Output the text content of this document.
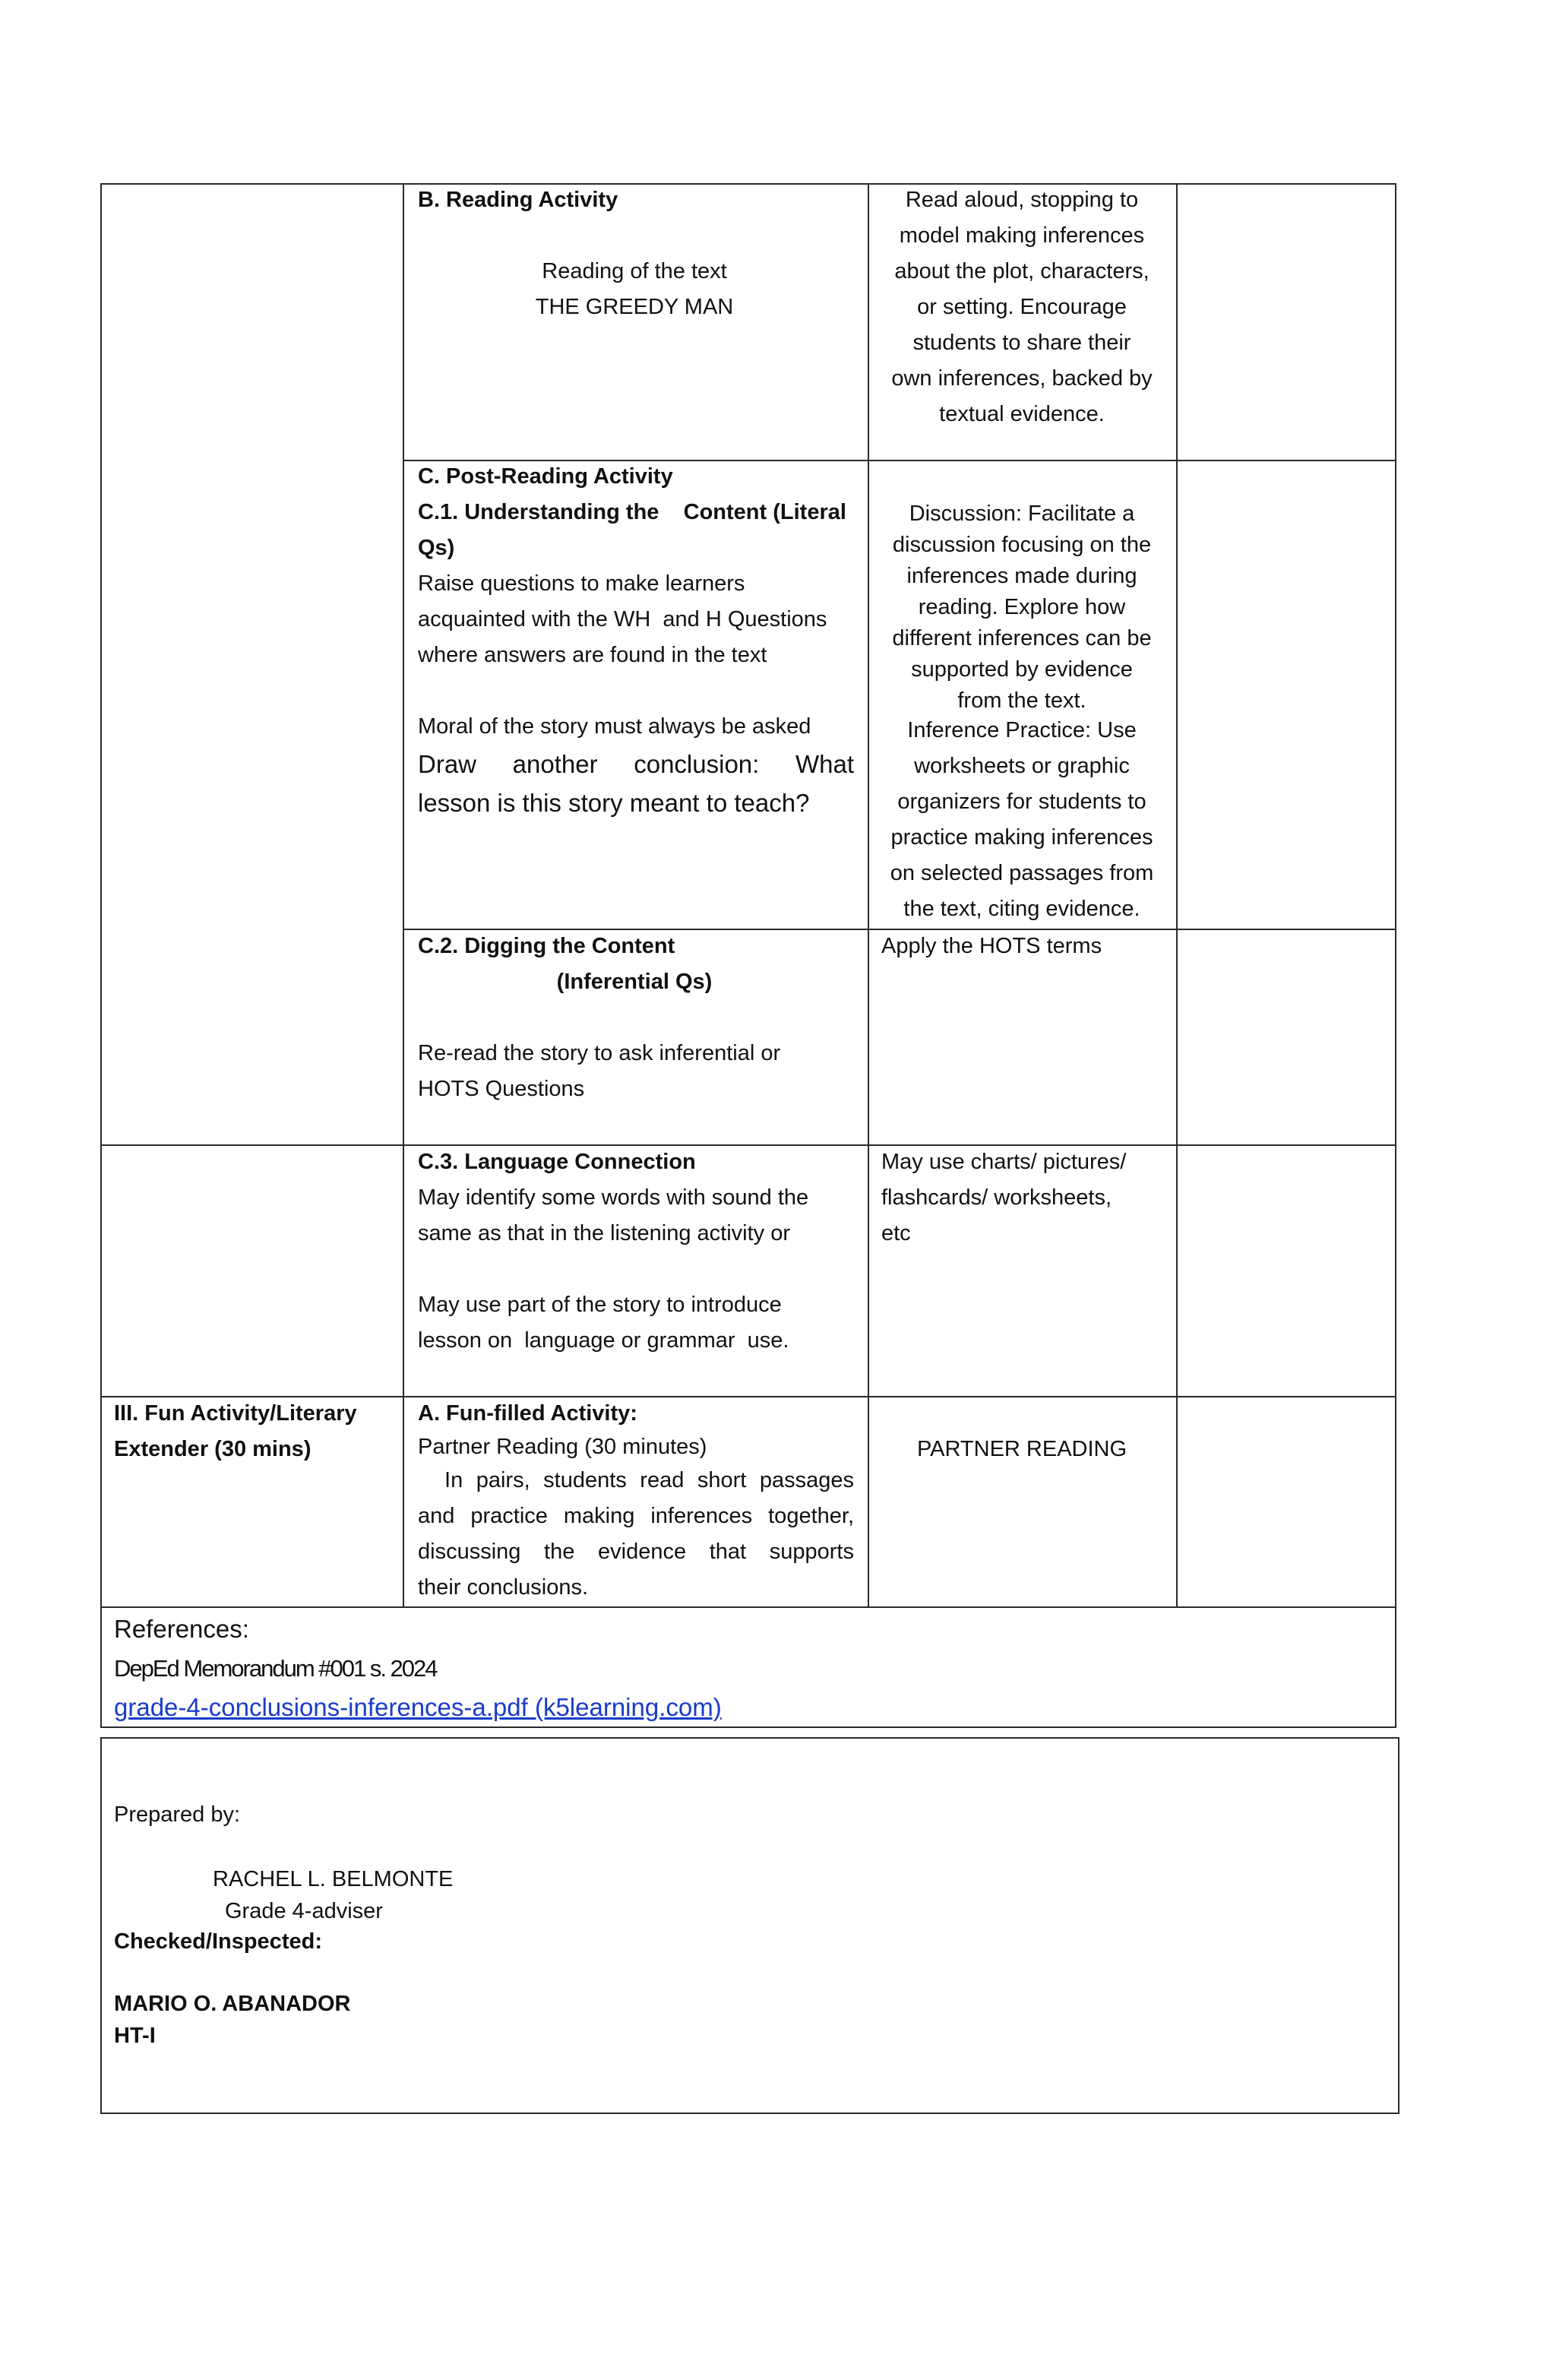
B. Reading Activity
Reading of the text
THE GREEDY MAN
Read aloud, stopping to
model making inferences
about the plot, characters,
or setting. Encourage
students to share their
own inferences, backed by
textual evidence.
C. Post-Reading Activity
C.1. Understanding the    Content (Literal
Qs)
Raise questions to make learners
acquainted with the WH  and H Questions
where answers are found in the text
Moral of the story must always be asked
Draw another conclusion: What
lesson is this story meant to teach?
Discussion: Facilitate a
discussion focusing on the
inferences made during
reading. Explore how
different inferences can be
supported by evidence
from the text.
Inference Practice: Use
worksheets or graphic
organizers for students to
practice making inferences
on selected passages from
the text, citing evidence.
C.2. Digging the Content
(Inferential Qs)
Re-read the story to ask inferential or
HOTS Questions
Apply the HOTS terms
C.3. Language Connection
May identify some words with sound the
same as that in the listening activity or
May use part of the story to introduce
lesson on  language or grammar  use.
May use charts/ pictures/
flashcards/ worksheets,
etc
III. Fun Activity/Literary
Extender (30 mins)
A. Fun-filled Activity:
Partner Reading (30 minutes)
In pairs, students read short passages
and practice making inferences together,
discussing the evidence that supports
their conclusions.
PARTNER READING
References:
DepEd Memorandum #001 s. 2024
grade-4-conclusions-inferences-a.pdf (k5learning.com)
Prepared by:
RACHEL L. BELMONTE
Grade 4-adviser
Checked/Inspected:
MARIO O. ABANADOR
HT-I
